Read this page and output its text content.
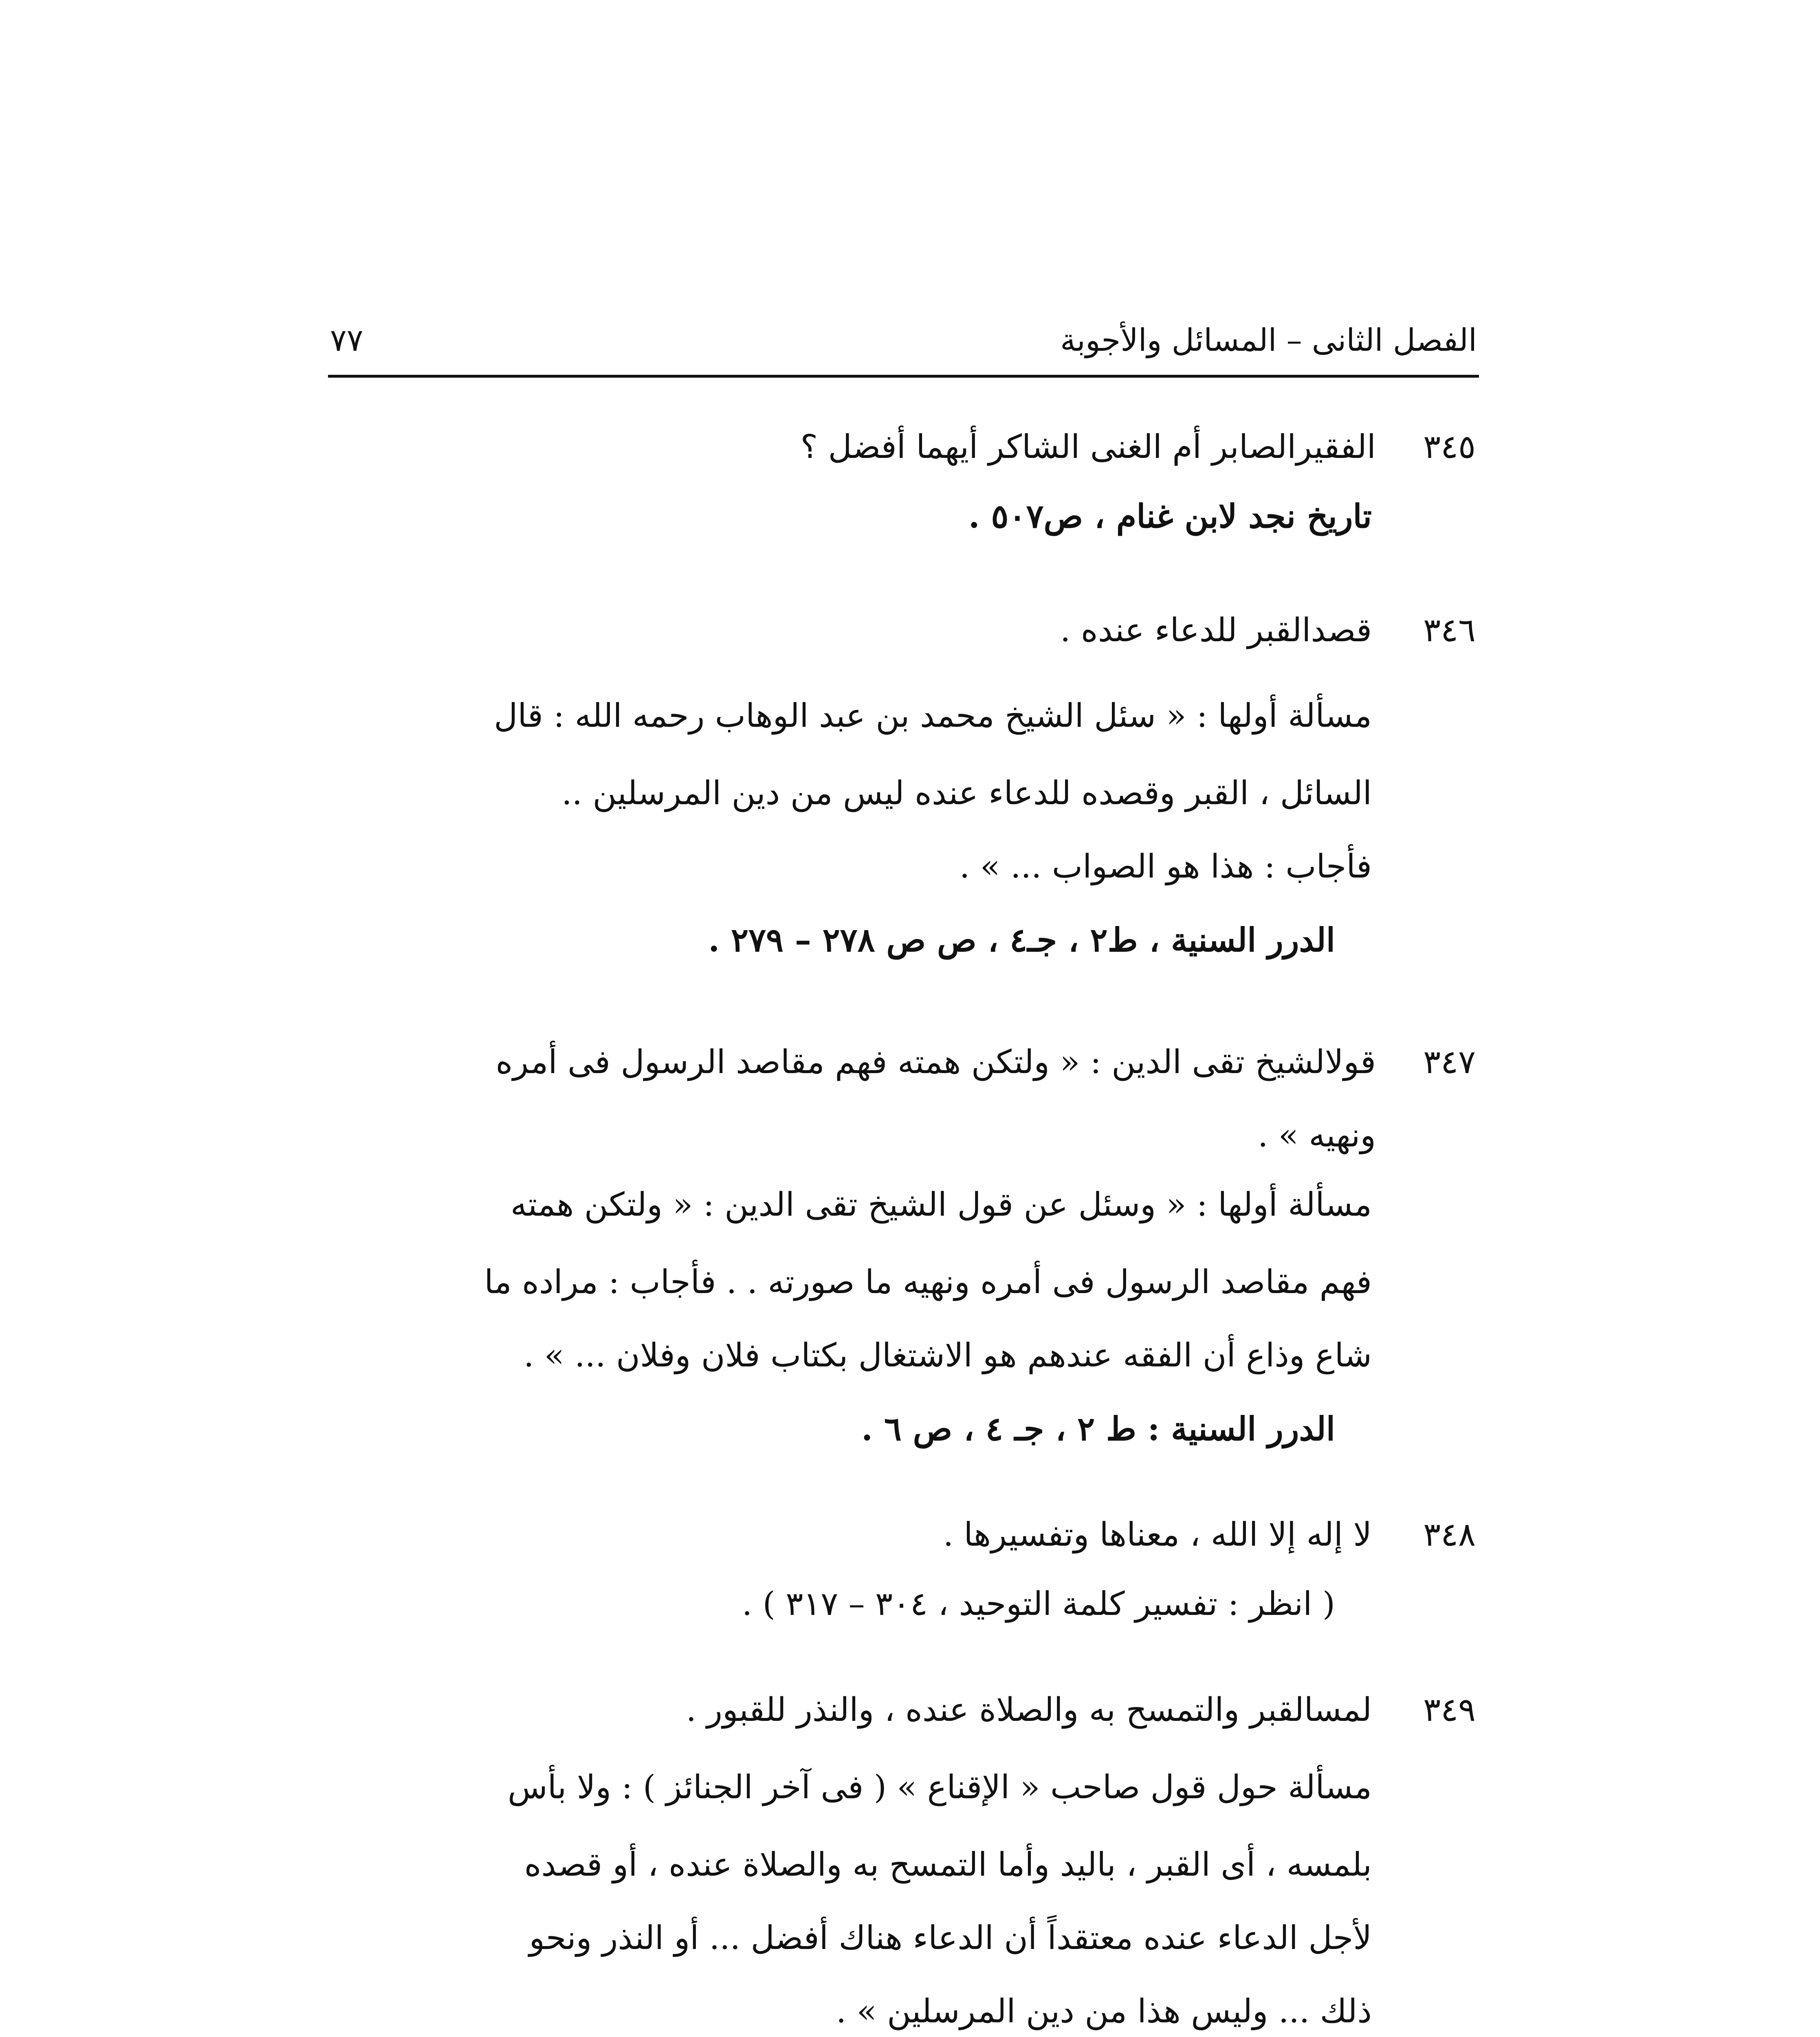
الفصل الثانى – المسائل والأجوبة
٧٧
٣٤٥
الفقيرالصابر أم الغنى الشاكر أيهما أفضل ؟
تاريخ نجد لابن غنام ، ص٥٠٧ .
٣٤٦
قصدالقبر للدعاء عنده .
مسألة أولها : « سئل الشيخ محمد بن عبد الوهاب رحمه الله : قال
السائل ، القبر وقصده للدعاء عنده ليس من دين المرسلين ..
فأجاب : هذا هو الصواب ... » .
الدرر السنية ، ط٢ ، جـ٤ ، ص ص ٢٧٨ – ٢٧٩ .
٣٤٧
قولالشيخ تقى الدين : « ولتكن همته فهم مقاصد الرسول فى أمره
ونهيه » .
مسألة أولها : « وسئل عن قول الشيخ تقى الدين : « ولتكن همته
فهم مقاصد الرسول فى أمره ونهيه ما صورته . . فأجاب : مراده ما
شاع وذاع أن الفقه عندهم هو الاشتغال بكتاب فلان وفلان ... » .
الدرر السنية : ط ٢ ، جـ ٤ ، ص ٦ .
٣٤٨
لا إله إلا الله ، معناها وتفسيرها .
( انظر : تفسير كلمة التوحيد ، ٣٠٤ – ٣١٧ ) .
٣٤٩
لمسالقبر والتمسح به والصلاة عنده ، والنذر للقبور .
مسألة حول قول صاحب « الإقناع » ( فى آخر الجنائز ) : ولا بأس
بلمسه ، أى القبر ، باليد وأما التمسح به والصلاة عنده ، أو قصده
لأجل الدعاء عنده معتقداً أن الدعاء هناك أفضل ... أو النذر ونحو
ذلك ... وليس هذا من دين المرسلين » .
